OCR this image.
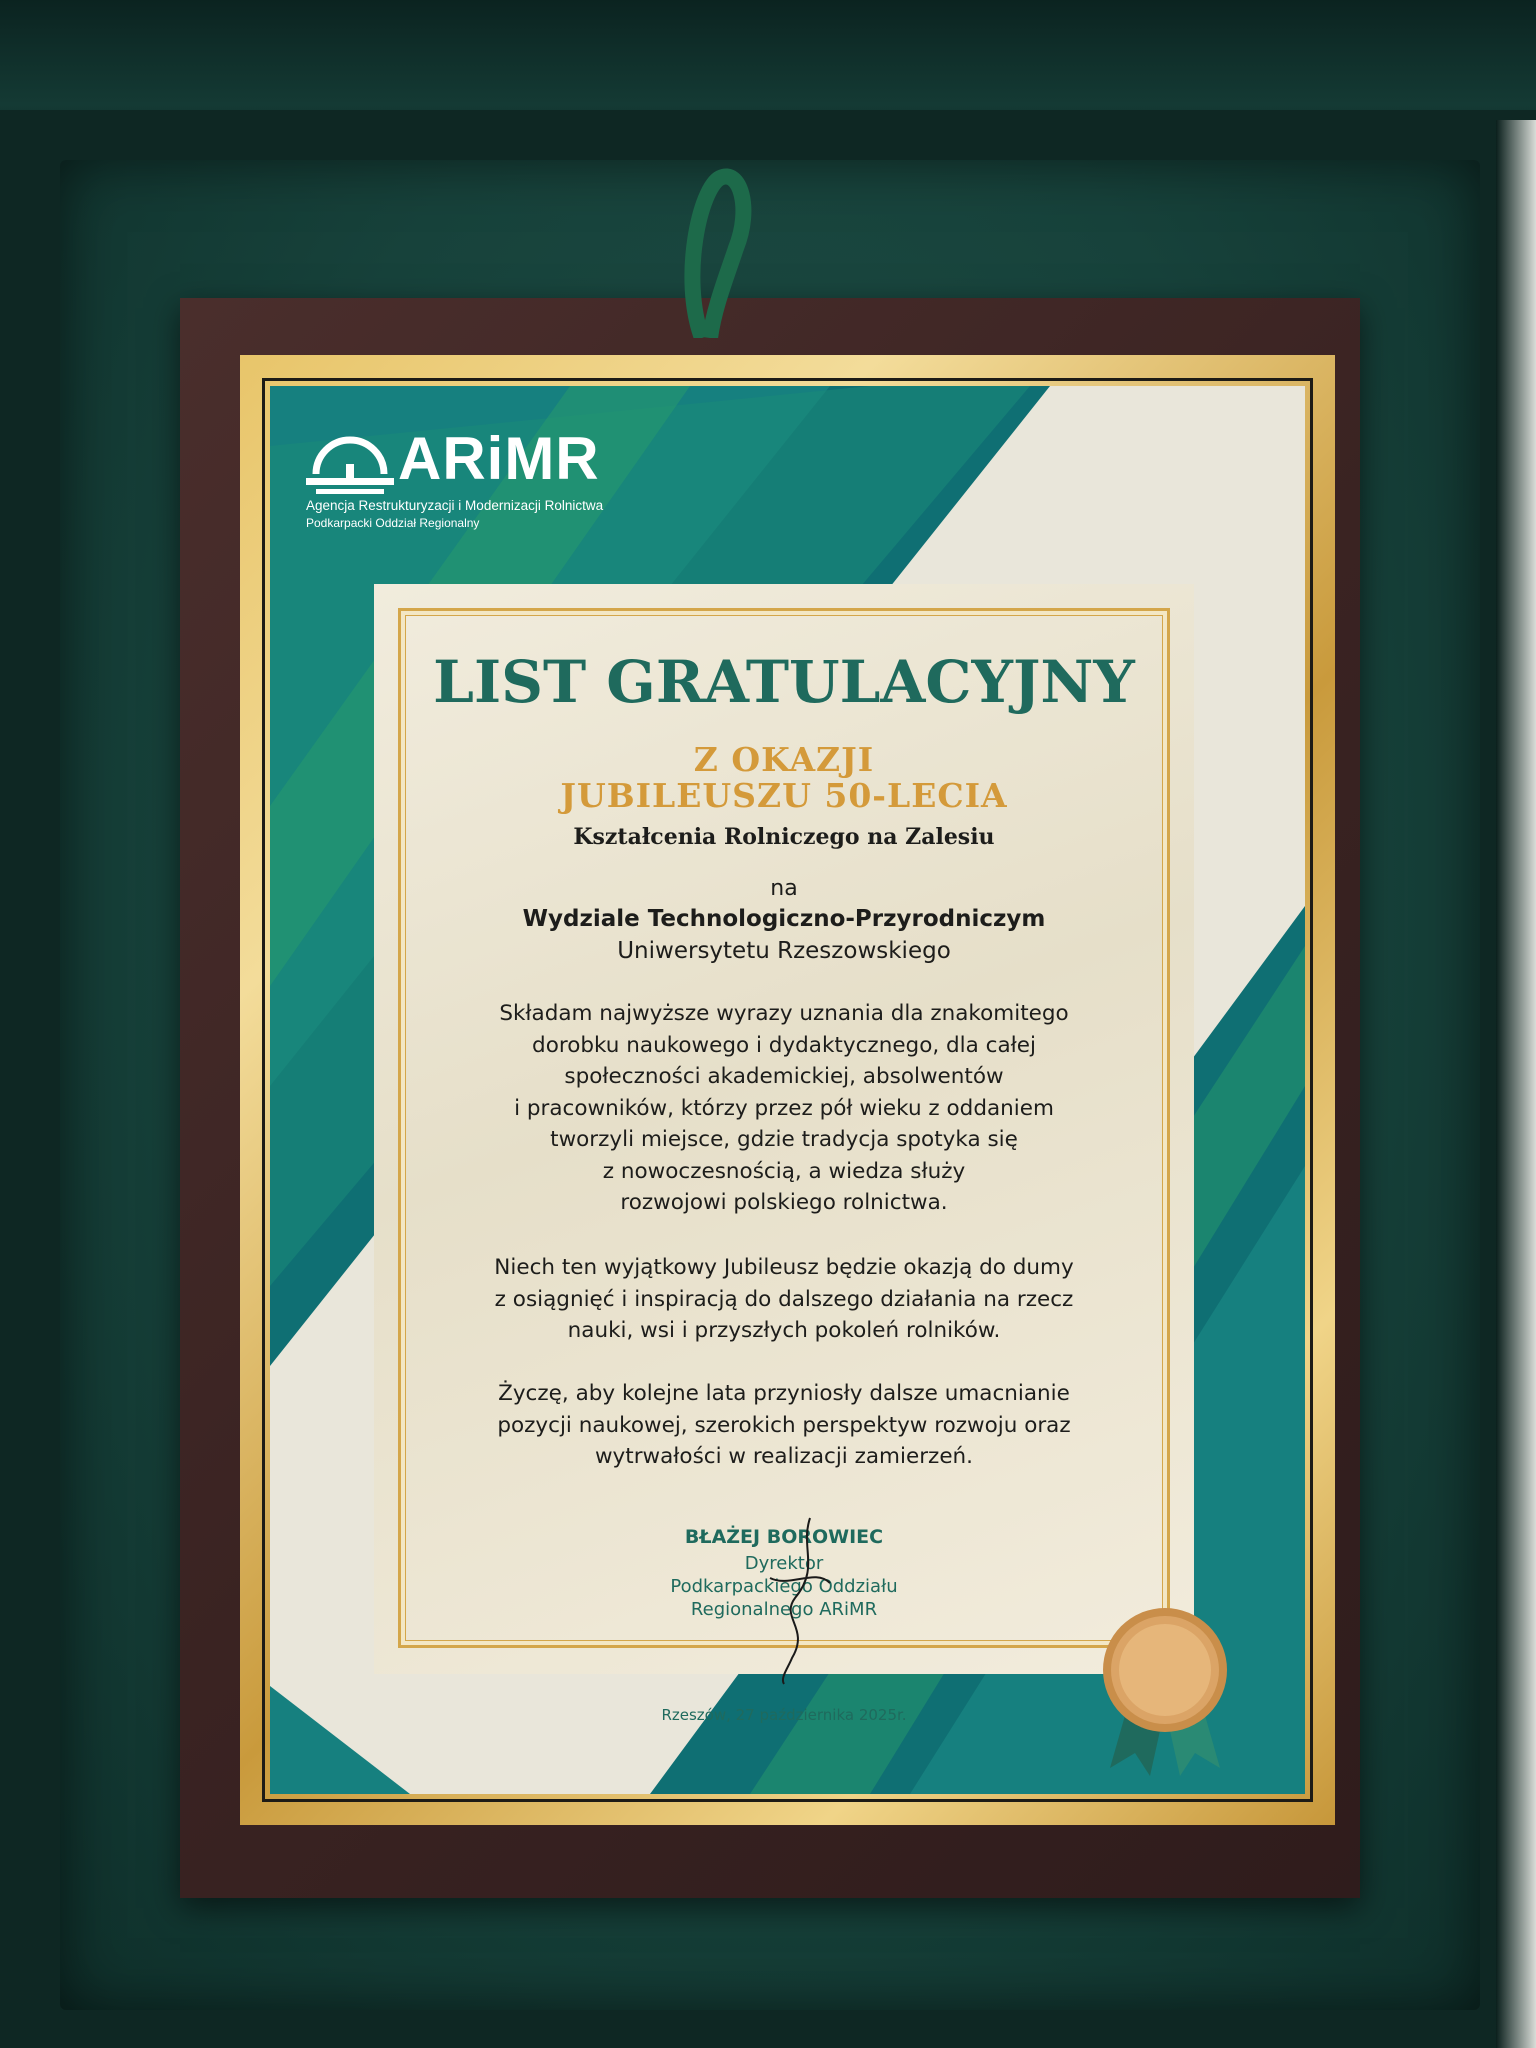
ARiMR
Agencja Restrukturyzacji i Modernizacji Rolnictwa
Podkarpacki Oddział Regionalny
LIST GRATULACYJNY
Z OKAZJI
JUBILEUSZU 50-LECIA
Kształcenia Rolniczego na Zalesiu
na
Wydziale Technologiczno-Przyrodniczym
Uniwersytetu Rzeszowskiego
Składam najwyższe wyrazy uznania dla znakomitego
dorobku naukowego i dydaktycznego, dla całej
społeczności akademickiej, absolwentów
i pracowników, którzy przez pół wieku z oddaniem
tworzyli miejsce, gdzie tradycja spotyka się
z nowoczesnością, a wiedza służy
rozwojowi polskiego rolnictwa.
Niech ten wyjątkowy Jubileusz będzie okazją do dumy
z osiągnięć i inspiracją do dalszego działania na rzecz
nauki, wsi i przyszłych pokoleń rolników.
Życzę, aby kolejne lata przyniosły dalsze umacnianie
pozycji naukowej, szerokich perspektyw rozwoju oraz
wytrwałości w realizacji zamierzeń.
BŁAŻEJ BOROWIEC
Dyrektor
Podkarpackiego Oddziału
Regionalnego ARiMR
Rzeszów, 27 października 2025r.
